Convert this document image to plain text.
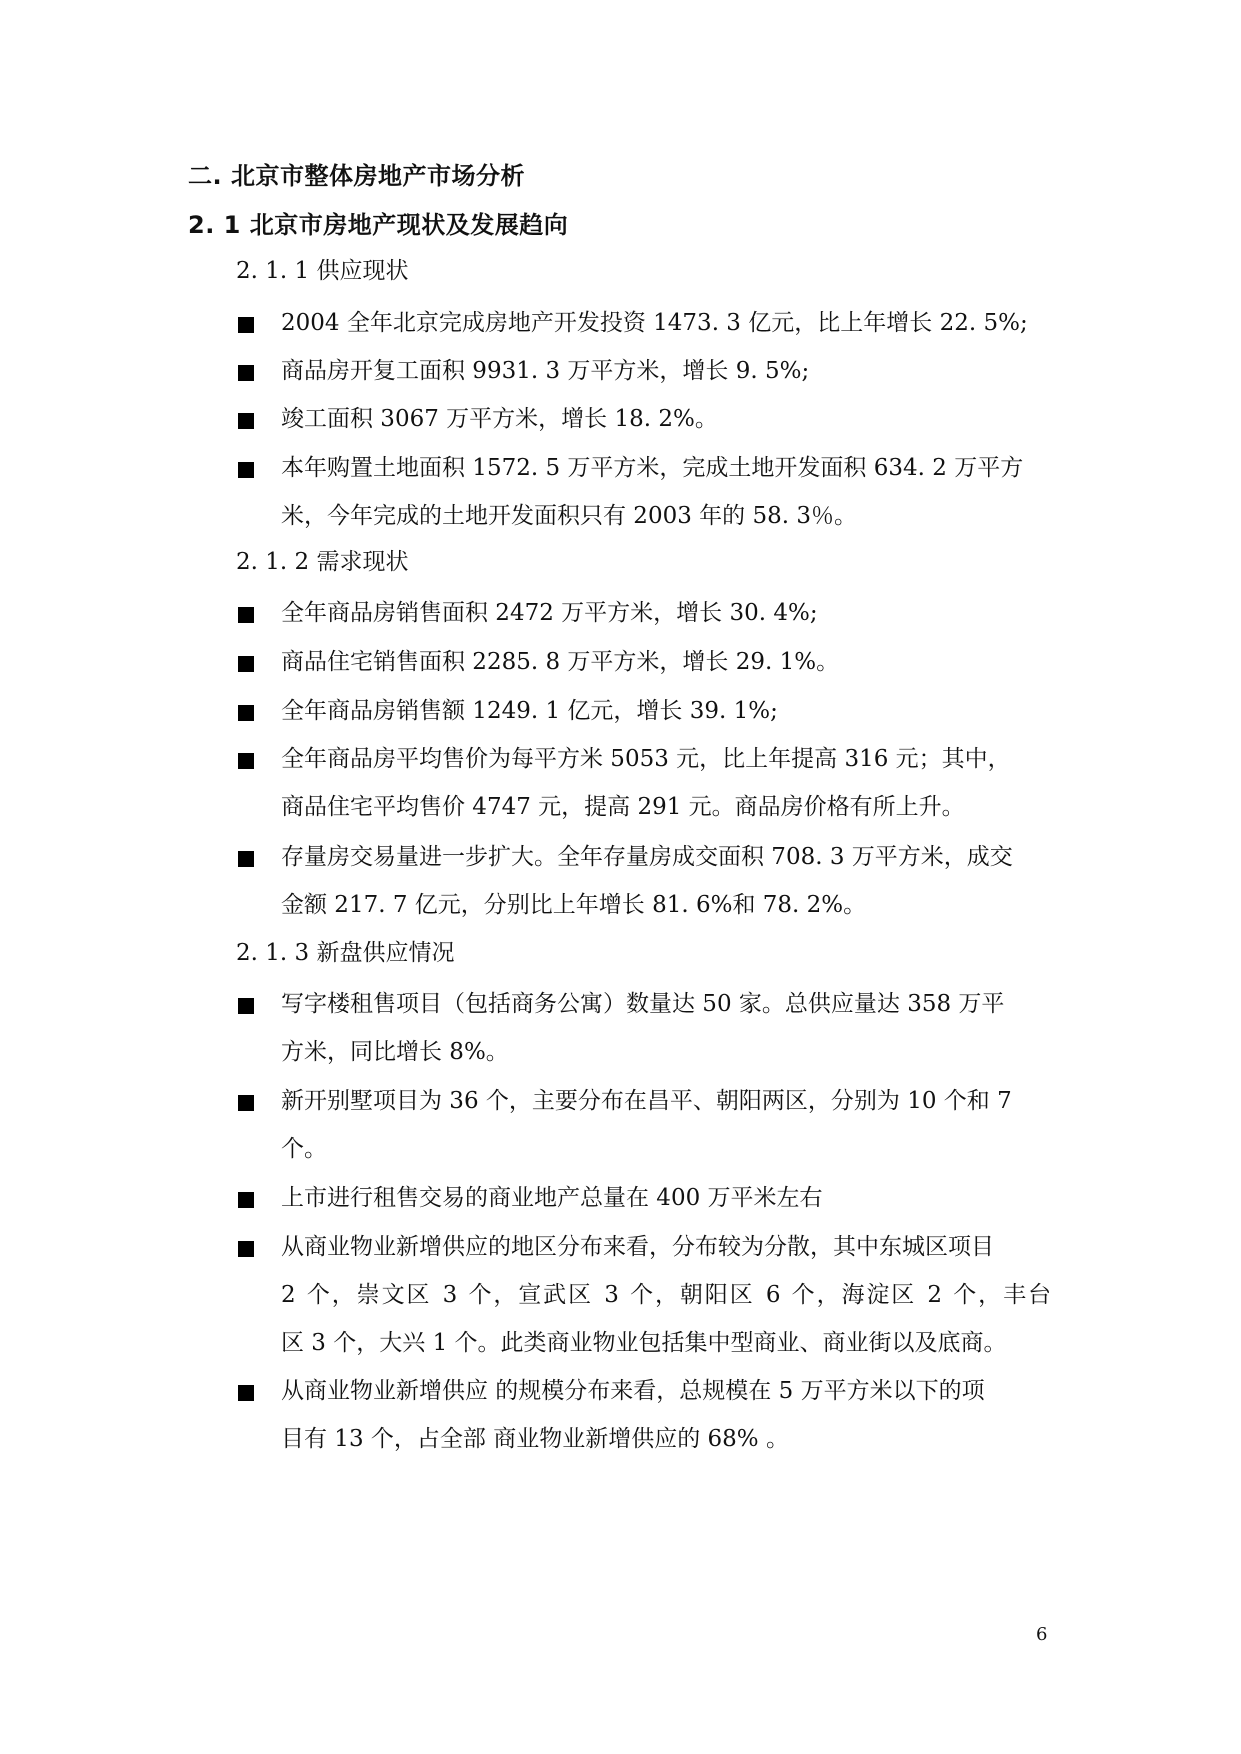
二. 北京市整体房地产市场分析
2. 1 北京市房地产现状及发展趋向
2. 1. 1 供应现状
2004 全年北京完成房地产开发投资 1473. 3 亿元，比上年增长 22. 5%;
商品房开复工面积 9931. 3 万平方米，增长 9. 5%;
竣工面积 3067 万平方米，增长 18. 2%。
本年购置土地面积 1572. 5 万平方米，完成土地开发面积 634. 2 万平方
米，今年完成的土地开发面积只有 2003 年的 58. 3％。
2. 1. 2 需求现状
全年商品房销售面积 2472 万平方米，增长 30. 4%;
商品住宅销售面积 2285. 8 万平方米，增长 29. 1%。
全年商品房销售额 1249. 1 亿元，增长 39. 1%;
全年商品房平均售价为每平方米 5053 元，比上年提高 316 元；其中，
商品住宅平均售价 4747 元，提高 291 元。商品房价格有所上升。
存量房交易量进一步扩大。全年存量房成交面积 708. 3 万平方米，成交
金额 217. 7 亿元，分别比上年增长 81. 6%和 78. 2%。
2. 1. 3 新盘供应情况
写字楼租售项目（包括商务公寓）数量达 50 家。总供应量达 358 万平
方米，同比增长 8%。
新开别墅项目为 36 个，主要分布在昌平、朝阳两区，分别为 10 个和 7
个。
上市进行租售交易的商业地产总量在 400 万平米左右
从商业物业新增供应的地区分布来看，分布较为分散，其中东城区项目
2 个，崇文区 3 个，宣武区 3 个，朝阳区 6 个，海淀区 2 个，丰台
区 3 个，大兴 1 个。此类商业物业包括集中型商业、商业街以及底商。
从商业物业新增供应 的规模分布来看，总规模在 5 万平方米以下的项
目有 13 个，占全部 商业物业新增供应的 68% 。
6
